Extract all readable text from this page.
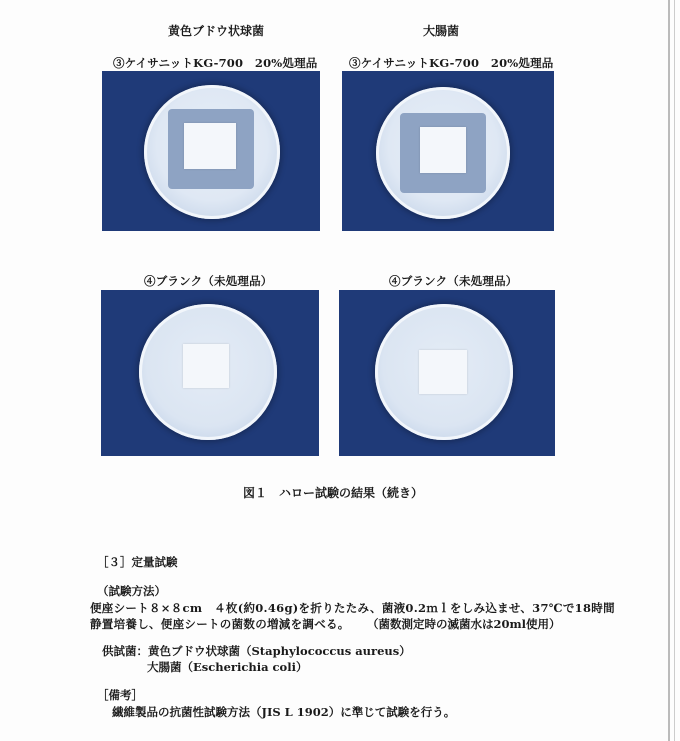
黄色ブドウ状球菌	大腸菌
③ケイサニットKG-700　20%処理品	③ケイサニットKG-700　20%処理品
④ブランク（未処理品）	④ブランク（未処理品）
図１　ハロー試験の結果（続き）
［３］定量試験
（試験方法）
便座シート８×８cm　４枚(約0.46g)を折りたたみ、菌液0.2ｍｌをしみ込ませ、37℃で18時間
静置培養し、便座シートの菌数の増減を調べる。 （菌数測定時の滅菌水は20ml使用）
供試菌：黄色ブドウ状球菌（Staphylococcus aureus）
大腸菌（Escherichia coli）
［備考］
繊維製品の抗菌性試験方法（JIS L 1902）に準じて試験を行う。
